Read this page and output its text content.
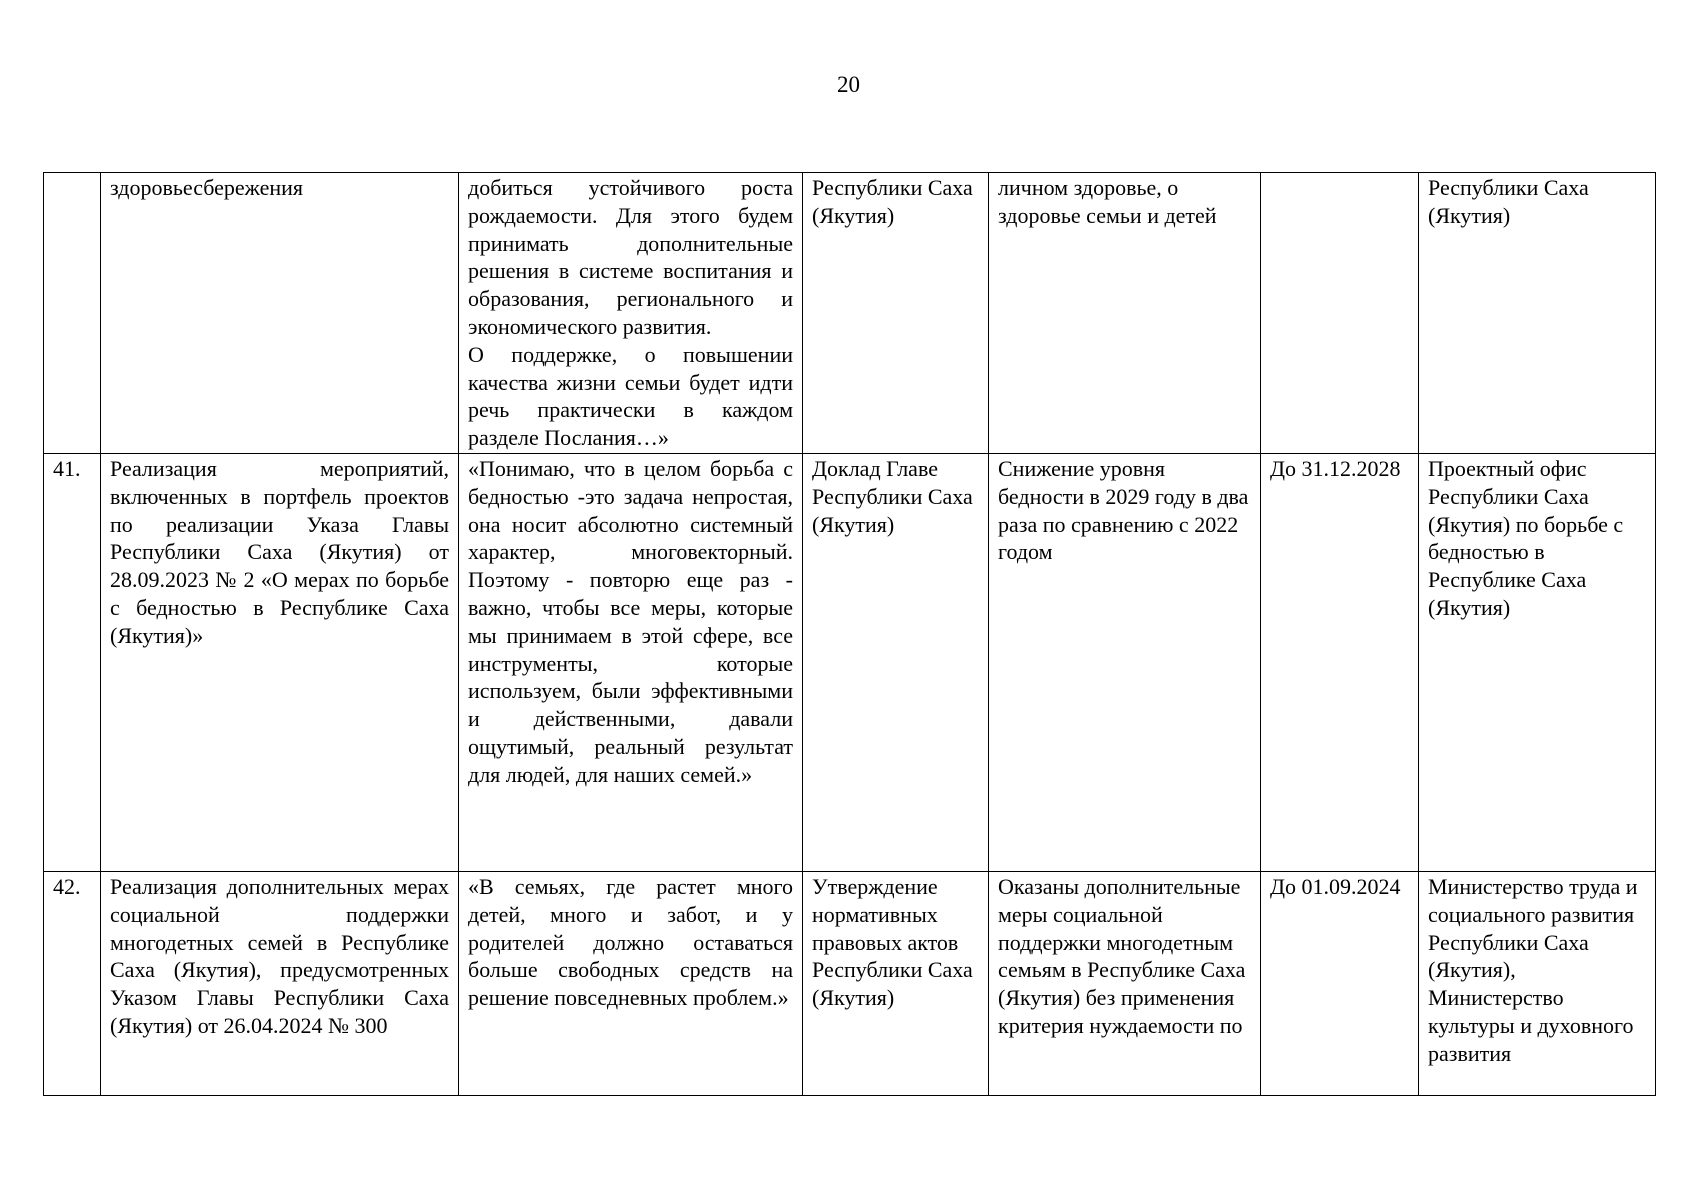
20
	здоровьесбережения	добиться устойчивого роста рождаемости. Для этого будем принимать дополнительные решения в системе воспитания и образования, регионального и экономического развития.
О поддержке, о повышении качества жизни семьи будет идти речь практически в каждом разделе Послания…»	Республики Саха (Якутия)	личном здоровье, о здоровье семьи и детей		Республики Саха (Якутия)
41.	Реализация мероприятий, включенных в портфель проектов по реализации Указа Главы Республики Саха (Якутия) от 28.09.2023 № 2 «О мерах по борьбе с бедностью в Республике Саха (Якутия)»	«Понимаю, что в целом борьба с бедностью -это задача непростая, она носит абсолютно системный характер, многовекторный. Поэтому - повторю еще раз - важно, чтобы все меры, которые мы принимаем в этой сфере, все инструменты, которые используем, были эффективными и действенными, давали ощутимый, реальный результат для людей, для наших семей.»	Доклад Главе Республики Саха (Якутия)	Снижение уровня бедности в 2029 году в два раза по сравнению с 2022 годом	До 31.12.2028	Проектный офис Республики Саха (Якутия) по борьбе с бедностью в Республике Саха (Якутия)
42.	Реализация дополнительных мерах социальной поддержки многодетных семей в Республике Саха (Якутия), предусмотренных Указом Главы Республики Саха (Якутия) от 26.04.2024 № 300	«В семьях, где растет много детей, много и забот, и у родителей должно оставаться больше свободных средств на решение повседневных проблем.»	Утверждение нормативных правовых актов Республики Саха (Якутия)	Оказаны дополнительные меры социальной поддержки многодетным семьям в Республике Саха (Якутия) без применения критерия нуждаемости по	До 01.09.2024	Министерство труда и социального развития Республики Саха (Якутия), Министерство культуры и духовного развития
